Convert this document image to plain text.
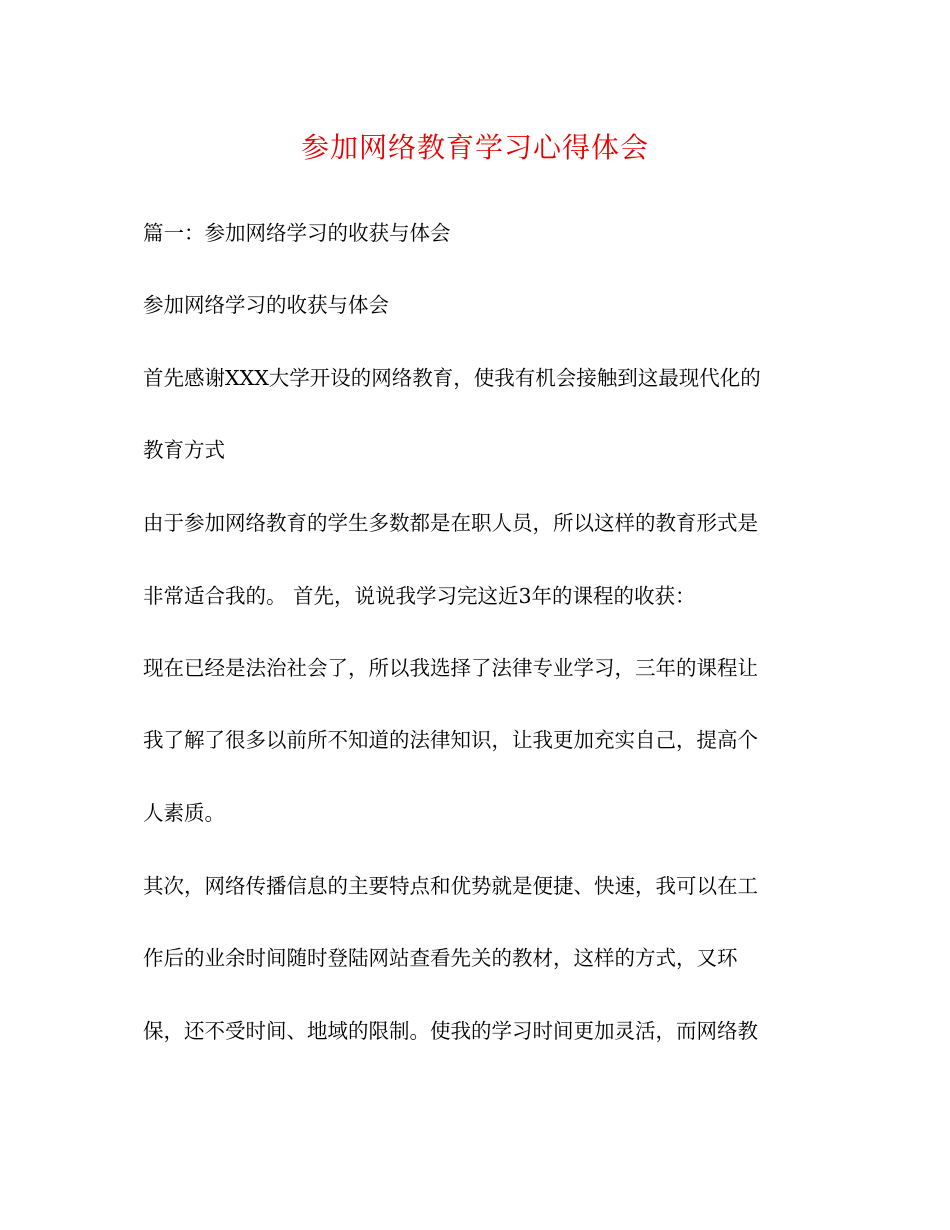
参加网络教育学习心得体会
篇一：参加网络学习的收获与体会
参加网络学习的收获与体会
首先感谢XXX大学开设的网络教育，使我有机会接触到这最现代化的
教育方式
由于参加网络教育的学生多数都是在职人员，所以这样的教育形式是
非常适合我的。 首先，说说我学习完这近3年的课程的收获：
现在已经是法治社会了，所以我选择了法律专业学习，三年的课程让
我了解了很多以前所不知道的法律知识，让我更加充实自己，提高个
人素质。
其次，网络传播信息的主要特点和优势就是便捷、快速，我可以在工
作后的业余时间随时登陆网站查看先关的教材，这样的方式，又环
保，还不受时间、地域的限制。使我的学习时间更加灵活，而网络教
